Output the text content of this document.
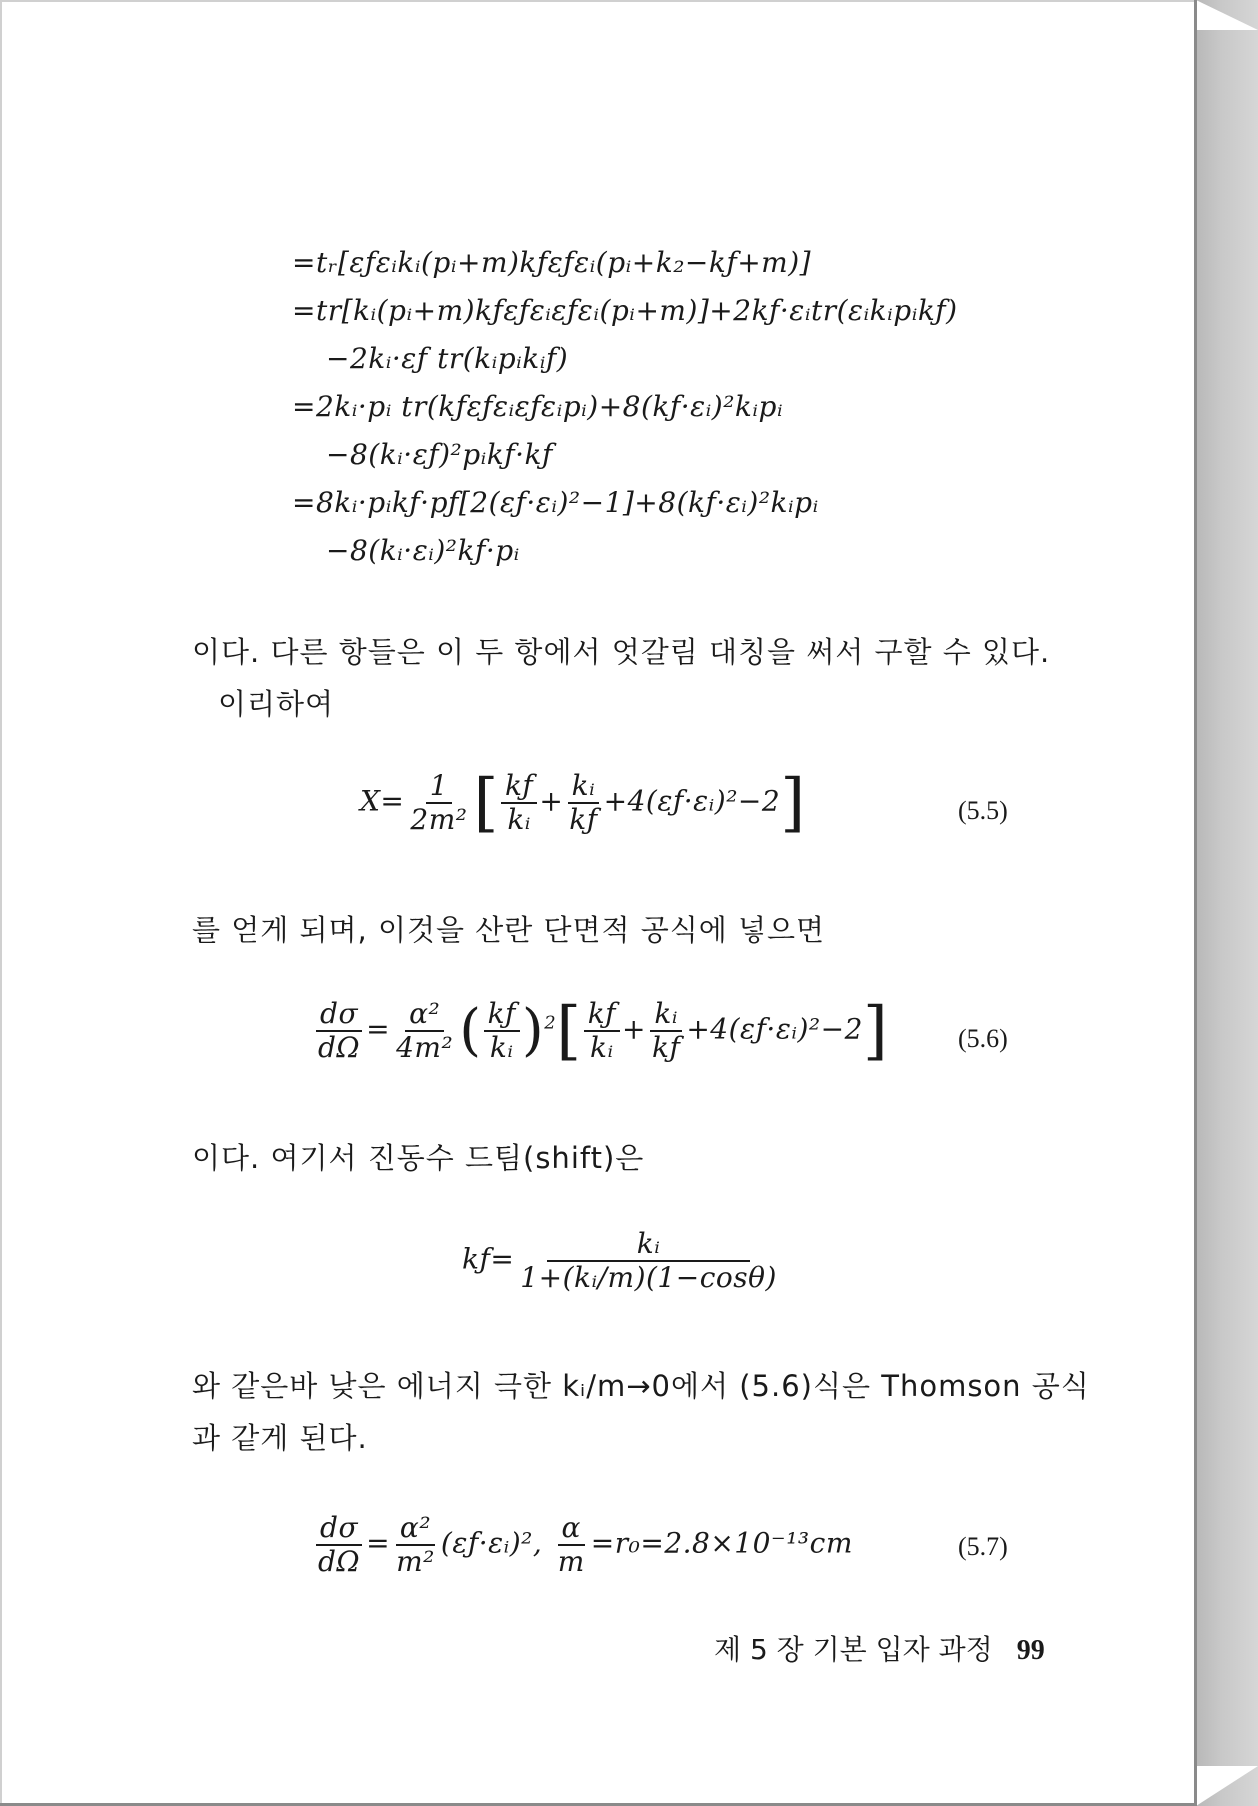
=tᵣ[εƒεᵢkᵢ(pᵢ+m)kƒεƒεᵢ(pᵢ+k₂−kƒ+m)]
=tr[kᵢ(pᵢ+m)kƒεƒεᵢεƒεᵢ(pᵢ+m)]+2kƒ·εᵢtr(εᵢkᵢpᵢkƒ)
−2kᵢ·εƒ tr(kᵢpᵢkᵢƒ)
=2kᵢ·pᵢ tr(kƒεƒεᵢεƒεᵢpᵢ)+8(kƒ·εᵢ)²kᵢpᵢ
−8(kᵢ·εƒ)²pᵢkƒ·kƒ
=8kᵢ·pᵢkƒ·pƒ[2(εƒ·εᵢ)²−1]+8(kƒ·εᵢ)²kᵢpᵢ
−8(kᵢ·εᵢ)²kƒ·pᵢ
이다. 다른 항들은 이 두 항에서 엇갈림 대칭을 써서 구할 수 있다.
이리하여
$X= \frac{1}{\text{2m²}}$ [ $\frac{kƒ}{\text{kᵢ}} + \frac{\text{kᵢ}}{kƒ}$ +4(εƒ·εᵢ)²−2]	(5.5)
를 얻게 되며, 이것을 산란 단면적 공식에 넣으면
$\frac{d\sigma}{d\Omega} = \frac{\text{α²}}{\text{4m²}}$ ( $\frac{kƒ}{\text{kᵢ}} )^2[ \frac{kƒ}{\text{kᵢ}} + \frac{\text{kᵢ}}{kƒ}$ +4(εƒ·εᵢ)²−2]	(5.6)
이다. 여기서 진동수 드팀(shift)은
kƒ= $\frac{\text{kᵢ}}{\text{1+(kᵢ/m)(1−cosθ)}}$
와 같은바 낮은 에너지 극한 kᵢ/m→0에서 (5.6)식은 Thomson 공식
과 같게 된다.
$\frac{d\sigma}{d\Omega} = \frac{\text{α²}}{\text{m²}}$ (εƒ·εᵢ)², $\frac{\alpha}{m} =r_0=2.8\times 10^{-13}cm$	(5.7)
제 5 장 기본 입자 과정 99
